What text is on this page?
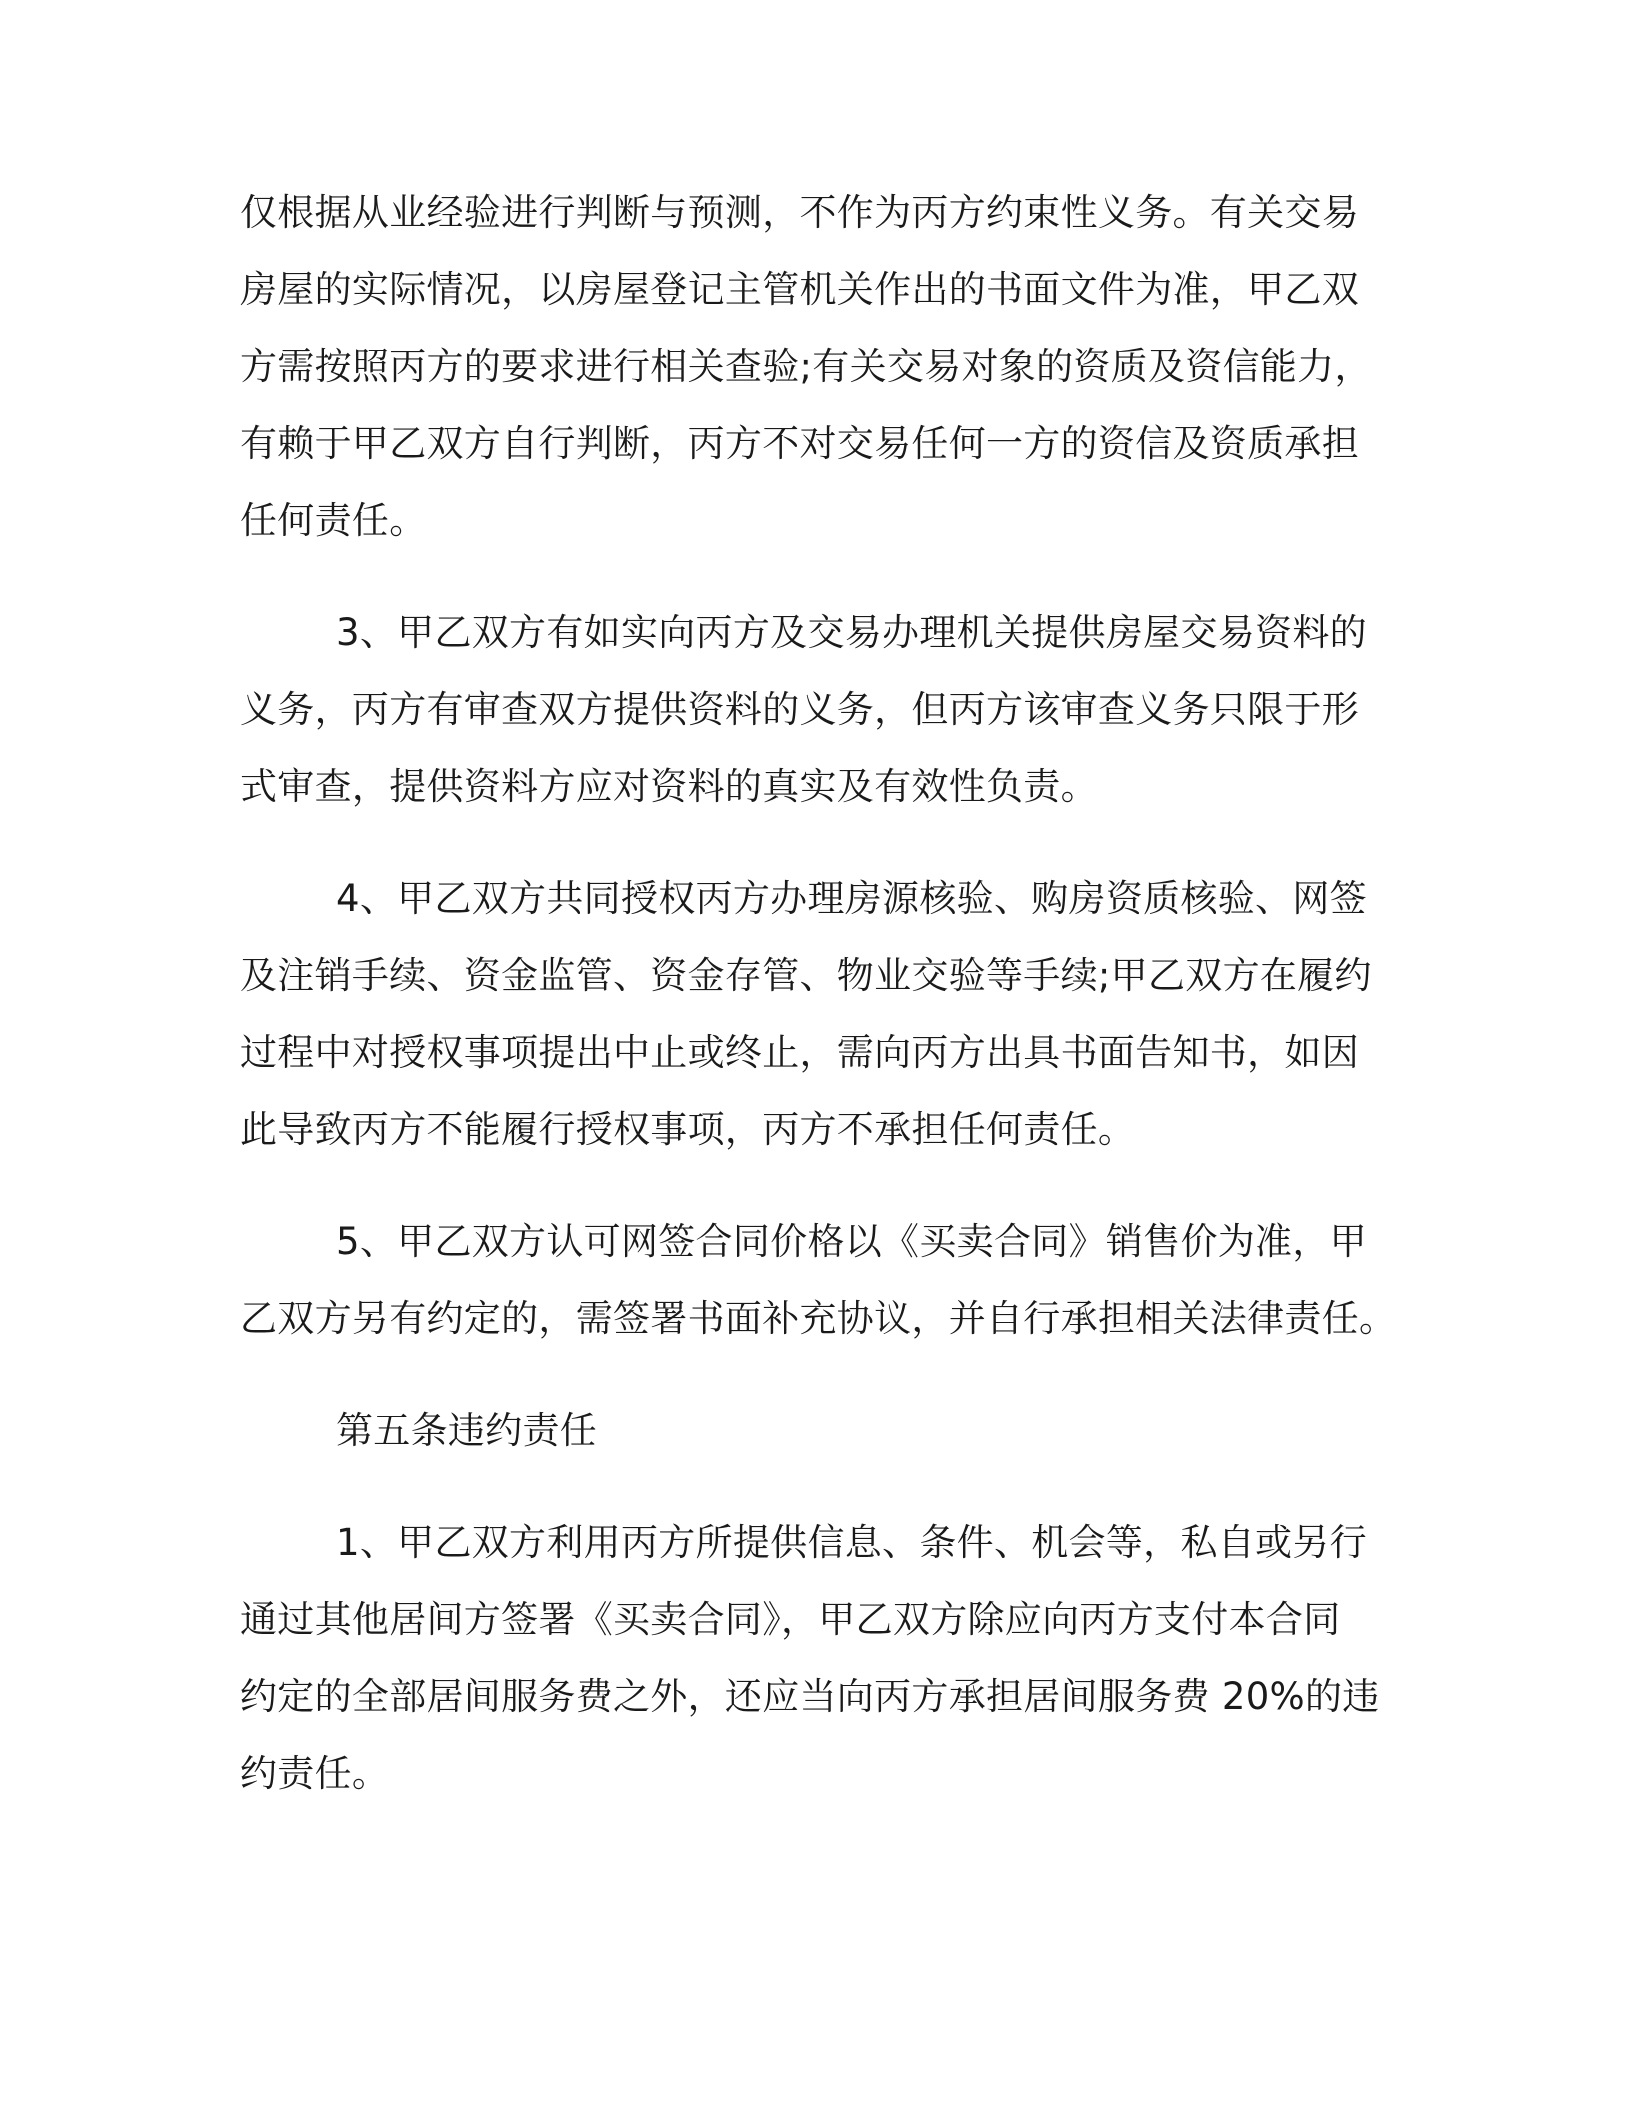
仅根据从业经验进行判断与预测，不作为丙方约束性义务。有关交易
房屋的实际情况，以房屋登记主管机关作出的书面文件为准，甲乙双
方需按照丙方的要求进行相关查验;有关交易对象的资质及资信能力，
有赖于甲乙双方自行判断，丙方不对交易任何一方的资信及资质承担
任何责任。
3、甲乙双方有如实向丙方及交易办理机关提供房屋交易资料的
义务，丙方有审查双方提供资料的义务，但丙方该审查义务只限于形
式审查，提供资料方应对资料的真实及有效性负责。
4、甲乙双方共同授权丙方办理房源核验、购房资质核验、网签
及注销手续、资金监管、资金存管、物业交验等手续;甲乙双方在履约
过程中对授权事项提出中止或终止，需向丙方出具书面告知书，如因
此导致丙方不能履行授权事项，丙方不承担任何责任。
5、甲乙双方认可网签合同价格以《买卖合同》销售价为准，甲
乙双方另有约定的，需签署书面补充协议，并自行承担相关法律责任。
第五条违约责任
1、甲乙双方利用丙方所提供信息、条件、机会等，私自或另行
通过其他居间方签署《买卖合同》，甲乙双方除应向丙方支付本合同
约定的全部居间服务费之外，还应当向丙方承担居间服务费 20%的违
约责任。
